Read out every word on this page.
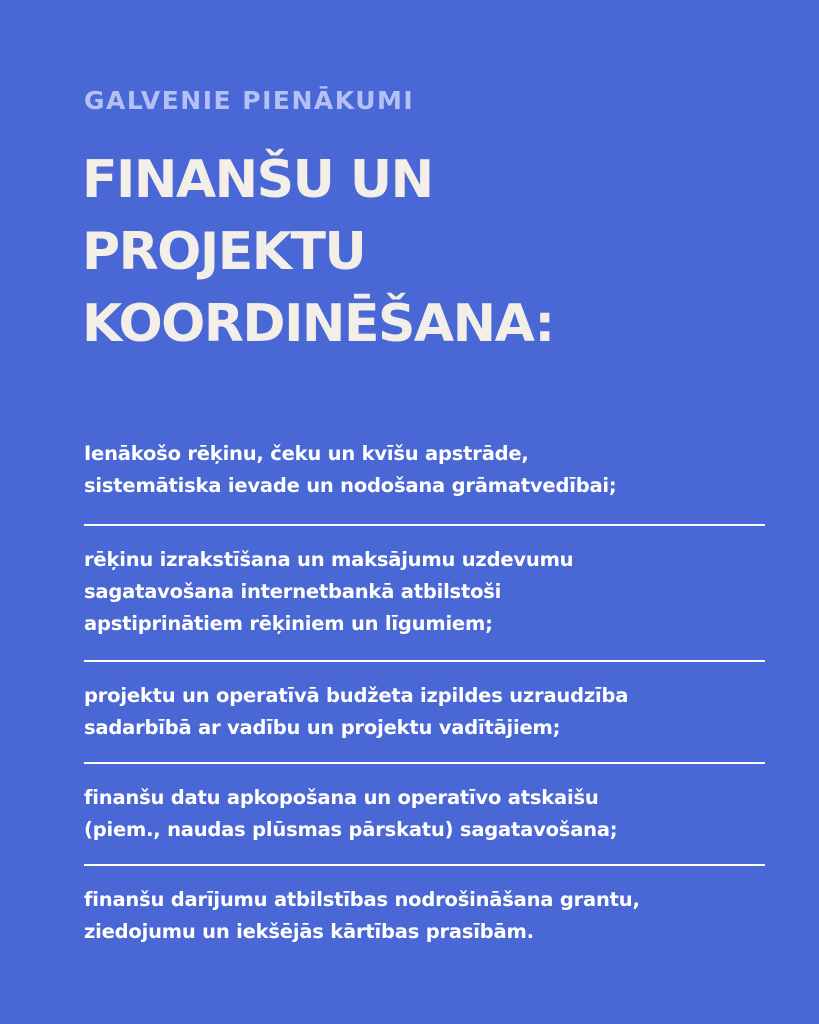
GALVENIE PIENĀKUMI

FINANŠU UN
PROJEKTU
KOORDINĒŠANA:
Ienākošo rēķinu, čeku un kvīšu apstrāde,
sistemātiska ievade un nodošana grāmatvedībai;
rēķinu izrakstīšana un maksājumu uzdevumu
sagatavošana internetbankā atbilstoši
apstiprinātiem rēķiniem un līgumiem;
projektu un operatīvā budžeta izpildes uzraudzība
sadarbībā ar vadību un projektu vadītājiem;
finanšu datu apkopošana un operatīvo atskaišu
(piem., naudas plūsmas pārskatu) sagatavošana;
finanšu darījumu atbilstības nodrošināšana grantu,
ziedojumu un iekšējās kārtības prasībām.
